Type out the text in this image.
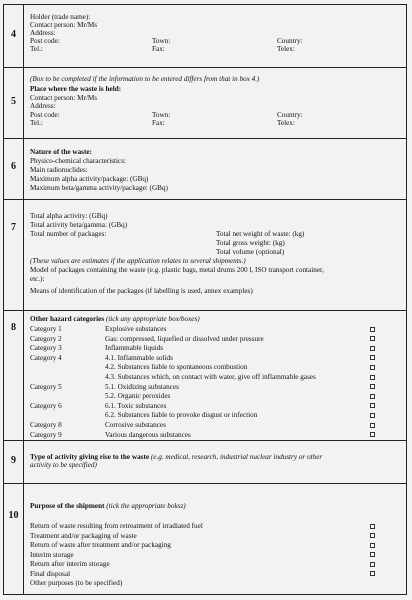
4
Holder (trade name):
Contact person: Mr/Ms
Address:
Post code:	Town:	Country:
Tel.:	Fax:	Telex:
5
(Box to be completed if the information to be entered differs from that in box 4.)
Place where the waste is held:
Contact person: Mr/Ms
Address:
Post code:	Town:	Country:
Tel.:	Fax:	Telex:
6
Nature of the waste:
Physico-chemical characteristics:
Main radionuclides:
Maximum alpha activity/package: (GBq)
Maximum beta/gamma activity/package: (GBq)
7
Total alpha activity: (GBq)
Total activity beta/gamma: (GBq)
Total number of packages:	Total net weight of waste: (kg)
Total gross weight: (kg)
Total volume (optional)
(These values are estimates if the application relates to several shipments.)
Model of packages containing the waste (e.g. plastic bags, metal drums 200 l, ISO transport container,
etc.):
Means of identification of the packages (if labelling is used, annex examples)
8
Other hazard categories (tick any appropriate box/boxes)
Category 1	Explosive substances
Category 2	Gas: compressed, liquefied or dissolved under pressure
Category 3	Inflammable liquids
Category 4	4.1. Inflammable solids
4.2. Substances liable to spontaneous combustion
4.3. Substances which, on contact with water, give off inflammable gases
Category 5	5.1. Oxidizing substances
5.2. Organic peroxides
Category 6	6.1. Toxic substances
6.2. Substances liable to provoke disgust or infection
Category 8	Corrosive substances
Category 9	Various dangerous substances
9	Type of activity giving rise to the waste (e.g. medical, research, industrial nuclear industry or other
activity to be specified)
10
Purpose of the shipment (tick the appropriate boksz)
Return of waste resulting from retreatment of irradiated fuel
Treatment and/or packaging of waste
Return of waste after treatment and/or packaging
Interim storage
Return after interim storage
Final disposal
Other purposes (to be specified)
